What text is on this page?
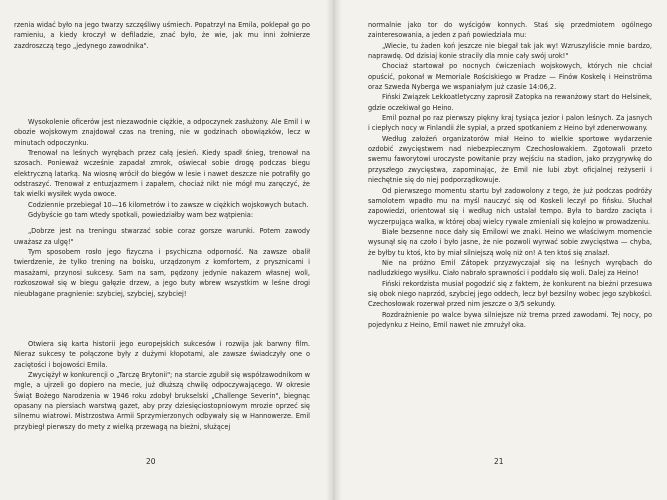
rzenia widać było na jego twarzy szczęśliwy uśmiech. Popatrzył na Emila, poklepał go po ramieniu, a kiedy kroczył w defiladzie, znać było, że wie, jak mu inni żołnierze zazdroszczą tego „jedynego zawodnika".

Wysokolenie oficerów jest niezawodnie ciężkie, a odpoczynek zasłużony. Ale Emil i w obozie wojskowym znajdował czas na trening, nie w godzinach obowiązków, lecz w minutach odpoczynku.

Trenował na leśnych wyrębach przez całą jesień. Kiedy spadł śnieg, trenował na szosach. Ponieważ wcześnie zapadał zmrok, oświecał sobie drogę podczas biegu elektryczną latarką. Na wiosnę wrócił do biegów w lesie i nawet deszcze nie potrafiły go odstraszyć. Trenował z entuzjazmem i zapałem, chociaż nikt nie mógł mu zaręczyć, że tak wielki wysiłek wyda owoce.

Codziennie przebiegał 10—16 kilometrów i to zawsze w ciężkich wojskowych butach.

Gdybyście go tam wtedy spotkali, powiedziałby wam bez wątpienia:

„Dobrze jest na treningu stwarzać sobie coraz gorsze warunki. Potem zawody uważasz za ulgę!"

Tym sposobem rosło jego fizyczna i psychiczna odporność. Na zawsze obalił twierdzenie, że tylko trening na boisku, urządzonym z komfortem, z prysznicami i masażami, przynosi sukcesy. Sam na sam, pędzony jedynie nakazem własnej woli, rozkoszował się w biegu gałęzie drzew, a jego buty wbrew wszystkim w leśne drogi nieubłagane pragnienie: szybciej, szybciej, szybciej!

Otwiera się karta historii jego europejskich sukcesów i rozwija jak barwny film. Nieraz sukcesy te połączone były z dużymi kłopotami, ale zawsze świadczyły one o zaciętości i bojowości Emila.

Zwyciężył w konkurencji o „Tarczę Brytonii"; na starcie zgubił się współzawodnikom w mgle, a ujrzeli go dopiero na mecie, już dłuższą chwilę odpoczywającego. W okresie Świąt Bożego Narodzenia w 1946 roku zdobył brukselski „Challenge Severin", biegnąc opasany na piersiach warstwą gazet, aby przy dziesięciostopniowym mrozie oprzeć się silnemu wiatrowi. Mistrzostwa Armii Sprzymierzonych odbywały się w Hannowerze. Emil przybiegł pierwszy do mety z wielką przewagą na bieżni, służącej

20

normalnie jako tor do wyścigów konnych. Staś się przedmiotem ogólnego zainteresowania, a jeden z pań powiedziała mu:

„Wiecie, tu żaden koń jeszcze nie biegał tak jak wy! Wzruszyliście mnie bardzo, naprawdę. Od dzisiaj konie stracily dla mnie cały swój urok!"

Chociaż startował po nocnych ćwiczeniach wojskowych, których nie chciał opuścić, pokonał w Memoriale Rościskiego w Pradze — Finów Koskelę i Heinströma oraz Szweda Nyberga we wspaniałym już czasie 14:06,2.

Fiński Związek Lekkoatletyczny zaprosił Zatopka na rewanżowy start do Helsinek, gdzie oczekiwał go Heino.

Emil poznał po raz pierwszy piękny kraj tysiąca jezior i palon leśnych. Za jasnych i ciepłych nocy w Finlandii źle sypiał, a przed spotkaniem z Heino był zdenerwowany.

Według założeń organizatorów miał Heino to wielkie sportowe wydarzenie ozdobić zwycięstwem nad niebezpiecznym Czechosłowakiem. Zgotowali przeto swemu faworytowi uroczyste powitanie przy wejściu na stadion, jako przygrywkę do przyszłego zwycięstwa, zapominając, że Emil nie lubi zbyt oficjalnej reżyserii i niechętnie się do niej podporządkowuje.

Od pierwszego momentu startu był zadowolony z tego, że już podczas podróży samolotem wpadło mu na myśl nauczyć się od Koskeli leczył po fińsku. Słuchał zapowiedzi, orientował się i według nich ustalał tempo. Była to bardzo zacięta i wyczerpująca walka, w której obaj wielcy rywale zmieniali się kolejno w prowadzeniu.

Białe bezsenne noce dały się Emilowi we znaki. Heino we właściwym momencie wysunął się na czoło i było jasne, że nie pozwoli wyrwać sobie zwycięstwa — chyba, że byłby tu ktoś, kto by miał silniejszą wolę niż on! A ten ktoś się znalazł.

Nie na próżno Emil Zátopek przyzwyczajał się na leśnych wyrębach do nadludzkiego wysiłku. Ciało nabrało sprawności i poddało się woli. Dalej za Heino!

Fiński rekordzista musiał pogodzić się z faktem, że konkurent na bieżni przesuwa się obok niego naprzód, szybciej jego oddech, lecz był bezsilny wobec jego szybkości. Czechosłowak rozerwał przed nim jeszcze o 3/5 sekundy.

Rozdrażnienie po walce bywa silniejsze niż trema przed zawodami. Tej nocy, po pojedynku z Heino, Emil nawet nie zmrużył oka.

21
